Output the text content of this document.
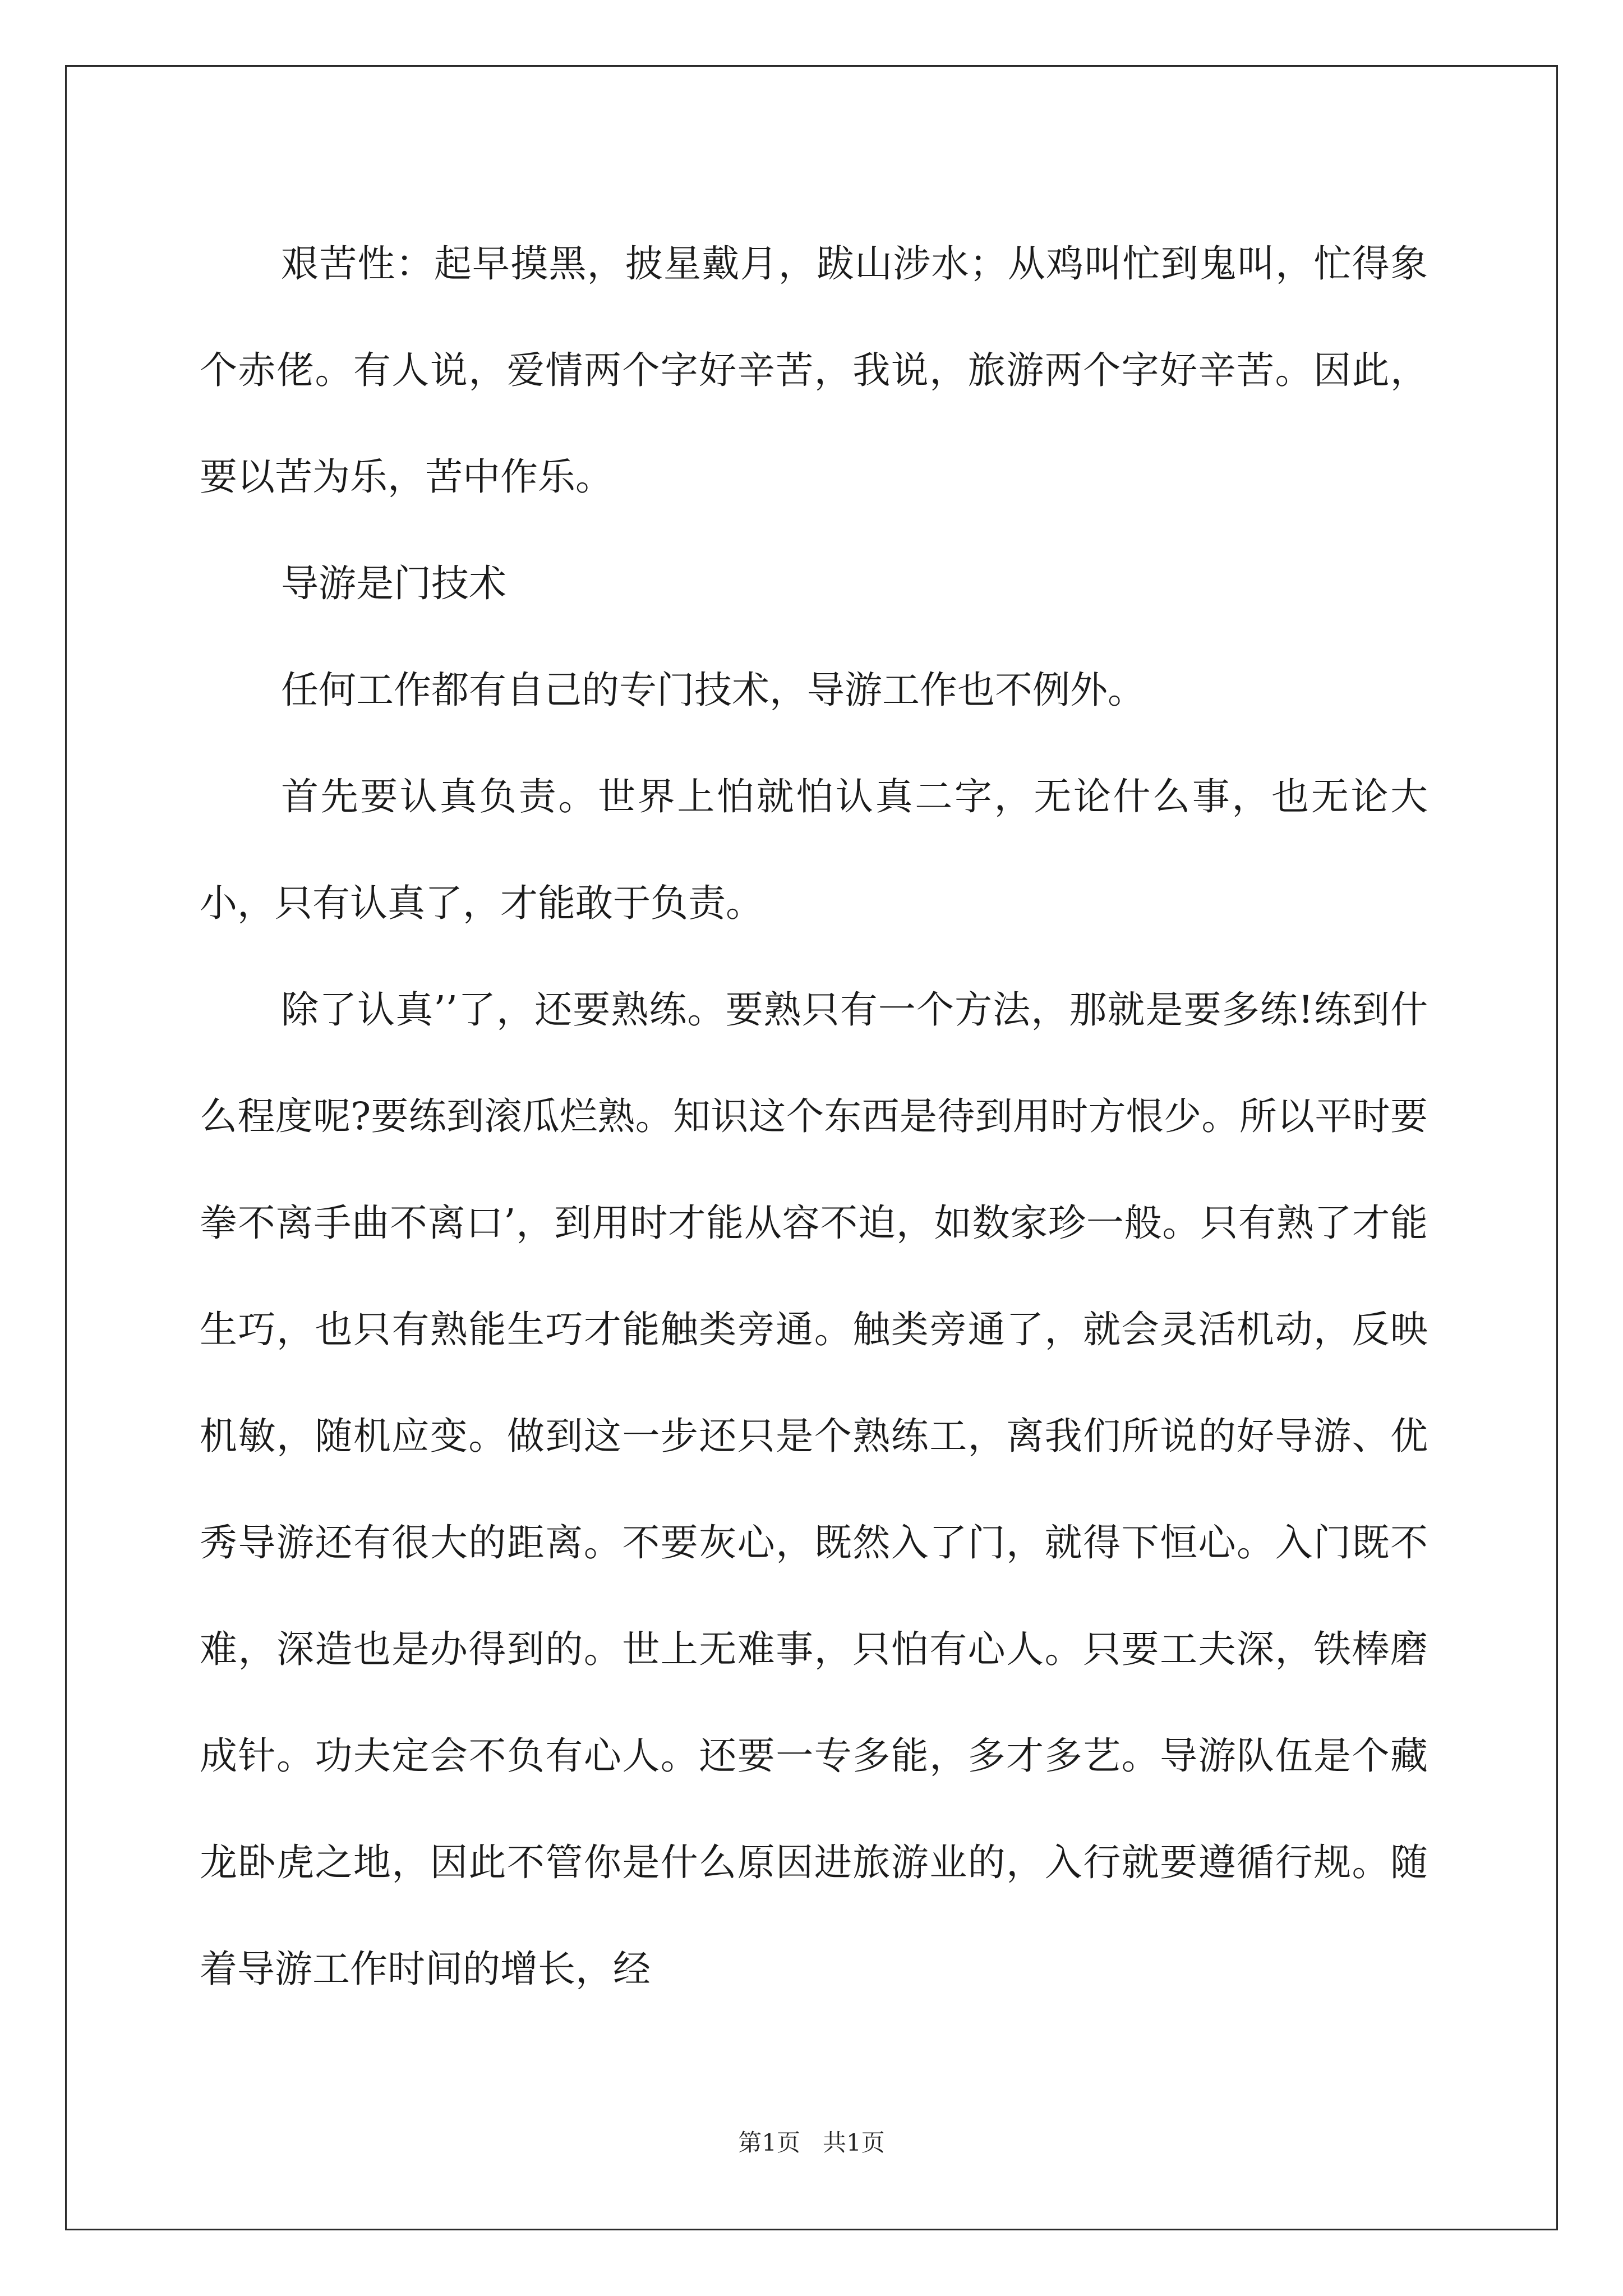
艰苦性：起早摸黑，披星戴月，跋山涉水；从鸡叫忙到鬼叫，忙得象个赤佬。有人说，爱情两个字好辛苦，我说，旅游两个字好辛苦。因此，要以苦为乐，苦中作乐。

导游是门技术

任何工作都有自己的专门技术，导游工作也不例外。

首先要认真负责。世界上怕就怕认真二字，无论什么事，也无论大小，只有认真了，才能敢于负责。

除了认真’’了，还要熟练。要熟只有一个方法，那就是要多练!练到什么程度呢?要练到滚瓜烂熟。知识这个东西是待到用时方恨少。所以平时要拳不离手曲不离口’，到用时才能从容不迫，如数家珍一般。只有熟了才能生巧，也只有熟能生巧才能触类旁通。触类旁通了，就会灵活机动，反映机敏，随机应变。做到这一步还只是个熟练工，离我们所说的好导游、优秀导游还有很大的距离。不要灰心，既然入了门，就得下恒心。入门既不难，深造也是办得到的。世上无难事，只怕有心人。只要工夫深，铁棒磨成针。功夫定会不负有心人。还要一专多能，多才多艺。导游队伍是个藏龙卧虎之地，因此不管你是什么原因进旅游业的，入行就要遵循行规。随着导游工作时间的增长，经

第1页 共1页
